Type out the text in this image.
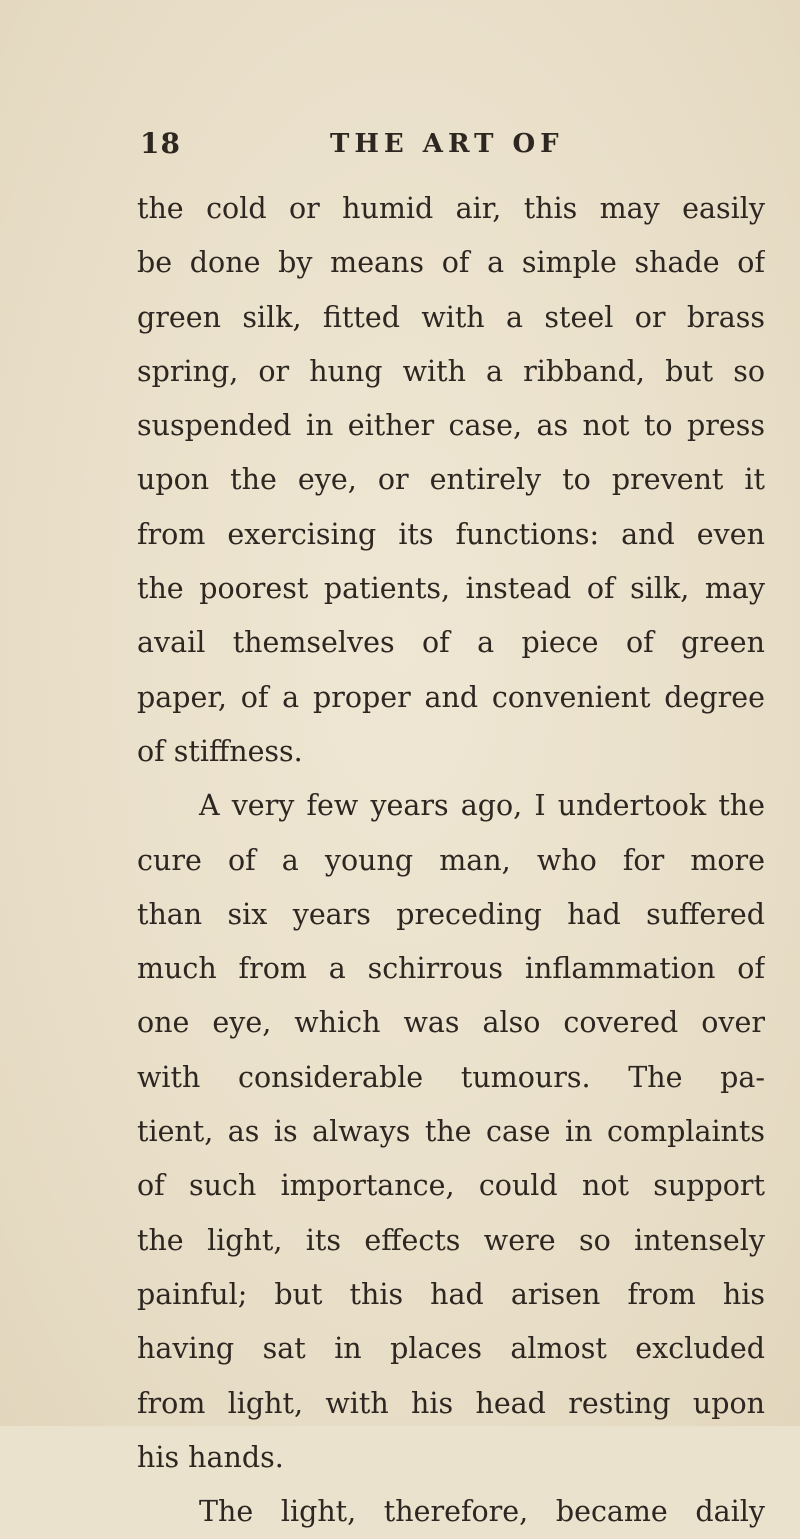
18	THE ART OF
the cold or humid air, this may easily
be done by means of a simple shade of
green silk, fitted with a steel or brass
spring, or hung with a ribband, but so
suspended in either case, as not to press
upon the eye, or entirely to prevent it
from exercising its functions: and even
the poorest patients, instead of silk, may
avail themselves of a piece of green
paper, of a proper and convenient degree
of stiffness.
A very few years ago, I undertook the
cure of a young man, who for more
than six years preceding had suffered
much from a schirrous inflammation of
one eye, which was also covered over
with considerable tumours. The pa-
tient, as is always the case in complaints
of such importance, could not support
the light, its effects were so intensely
painful; but this had arisen from his
having sat in places almost excluded
from light, with his head resting upon
his hands.
The light, therefore, became daily
